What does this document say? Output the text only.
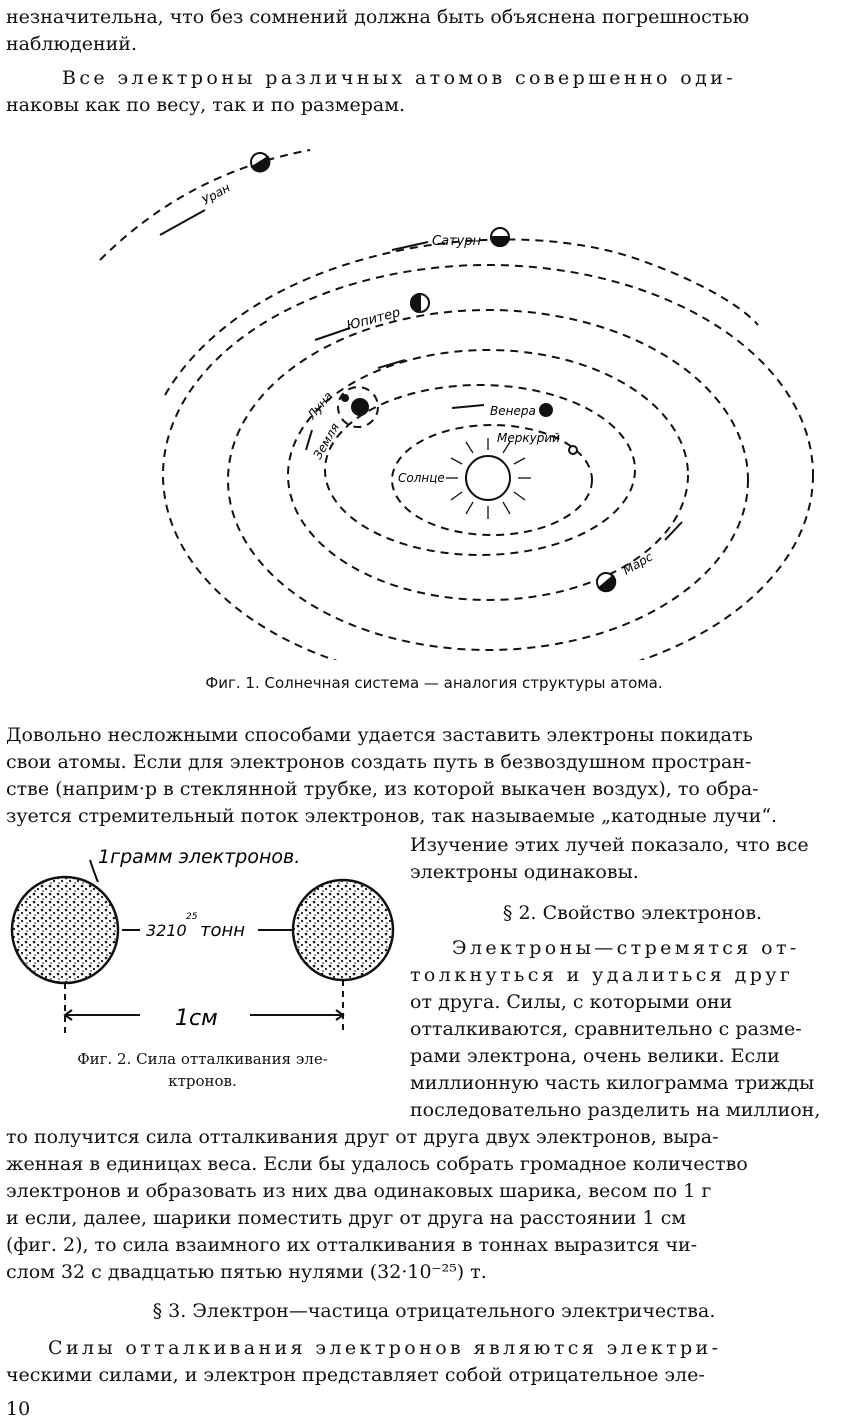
незначительна, что без сомнений должна быть объяснена погрешностью
наблюдений.
Все электроны различных атомов совершенно оди-
наковы как по весу, так и по размерам.
Уран
Сатурн
Юпитер
Луна
Земля
Венера
Меркурий
Солнце
Марс
Фиг. 1. Солнечная система — аналогия структуры атома.
Довольно несложными способами удается заставить электроны покидать
свои атомы. Если для электронов создать путь в безвоздушном простран-
стве (наприм·р в стеклянной трубке, из которой выкачен воздух), то обра-
зуется стремительный поток электронов, так называемые „катодные лучи“.
Изучение этих лучей показало, что все
электроны одинаковы.
§ 2. Свойство электронов.
Электроны—стремятся от-
толкнуться и удалиться друг
от друга. Силы, с которыми они
отталкиваются, сравнительно с разме-
рами электрона, очень велики. Если
миллионную часть килограмма трижды
последовательно разделить на миллион,
1грамм электронов.
3210
25
тонн
1см
Фиг. 2. Сила отталкивания эле-
ктронов.
то получится сила отталкивания друг от друга двух электронов, выра-
женная в единицах веса. Если бы удалось собрать громадное количество
электронов и образовать из них два одинаковых шарика, весом по 1 г
и если, далее, шарики поместить друг от друга на расстоянии 1 см
(фиг. 2), то сила взаимного их отталкивания в тоннах выразится чи-
слом 32 с двадцатью пятью нулями (32·10⁻²⁵) т.
§ 3. Электрон—частица отрицательного электричества.
Силы отталкивания электронов являются электри-
ческими силами, и электрон представляет собой отрицательное эле-
10
